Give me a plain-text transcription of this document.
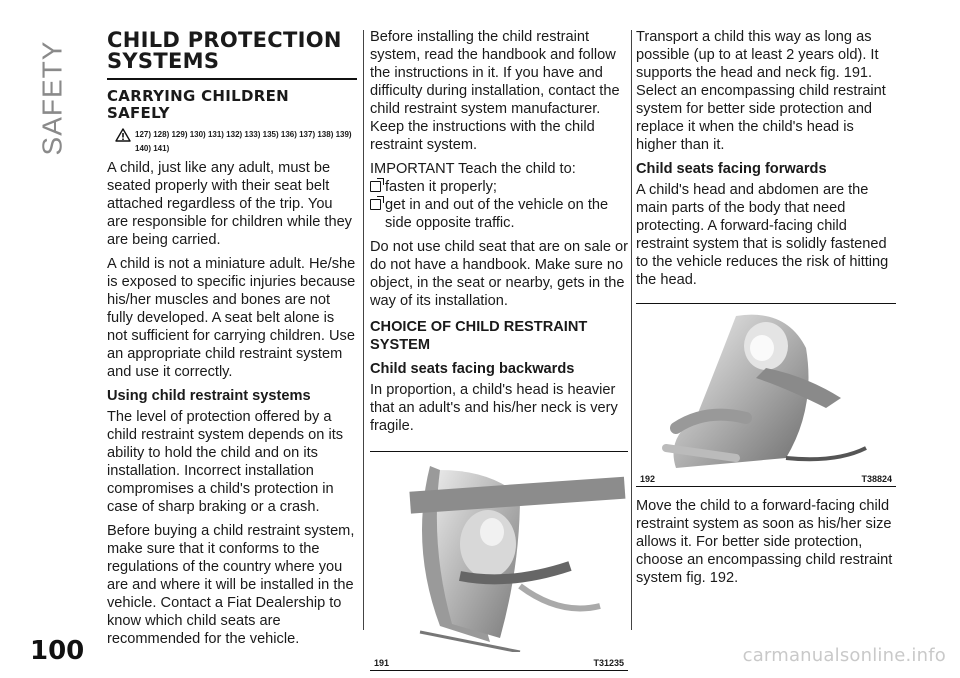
SAFETY
100	carmanualsonline.info
CHILD PROTECTION SYSTEMS
CARRYING CHILDREN SAFELY
127) 128) 129) 130) 131) 132) 133) 135) 136) 137) 138) 139) 140) 141)

A child, just like any adult, must be seated properly with their seat belt attached regardless of the trip. You are responsible for children while they are being carried.

A child is not a miniature adult. He/she is exposed to specific injuries because his/her muscles and bones are not fully developed. A seat belt alone is not sufficient for carrying children. Use an appropriate child restraint system and use it correctly.

Using child restraint systems

The level of protection offered by a child restraint system depends on its ability to hold the child and on its installation. Incorrect installation compromises a child's protection in case of sharp braking or a crash.

Before buying a child restraint system, make sure that it conforms to the regulations of the country where you are and where it will be installed in the vehicle. Contact a Fiat Dealership to know which child seats are recommended for the vehicle.

Before installing the child restraint system, read the handbook and follow the instructions in it. If you have and difficulty during installation, contact the child restraint system manufacturer. Keep the instructions with the child restraint system.

IMPORTANT Teach the child to:

fasten it properly;
get in and out of the vehicle on the side opposite traffic.

Do not use child seat that are on sale or do not have a handbook. Make sure no object, in the seat or nearby, gets in the way of its installation.

CHOICE OF CHILD RESTRAINT SYSTEM
Child seats facing backwards

In proportion, a child's head is heavier that an adult's and his/her neck is very fragile.

191	T31235

Transport a child this way as long as possible (up to at least 2 years old). It supports the head and neck fig. 191. Select an encompassing child restraint system for better side protection and replace it when the child's head is higher than it.

Child seats facing forwards

A child's head and abdomen are the main parts of the body that need protecting. A forward-facing child restraint system that is solidly fastened to the vehicle reduces the risk of hitting the head.

192	T38824

Move the child to a forward-facing child restraint system as soon as his/her size allows it. For better side protection, choose an encompassing child restraint system fig. 192.
